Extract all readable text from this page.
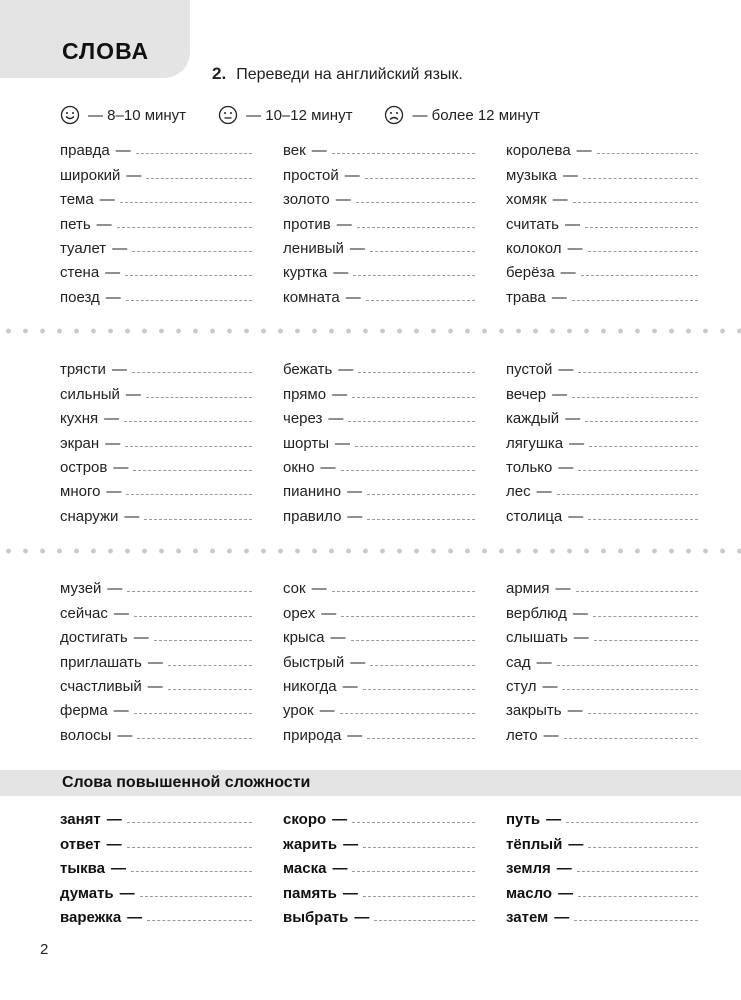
СЛОВА
2. Переведи на английский язык.
— 8–10 минут	— 10–12 минут	— более 12 минут
правда —
широкий —
тема —
петь —
туалет —
стена —
поезд —
век —
простой —
золото —
против —
ленивый —
куртка —
комната —
королева —
музыка —
хомяк —
считать —
колокол —
берёза —
трава —
трясти —
сильный —
кухня —
экран —
остров —
много —
снаружи —
бежать —
прямо —
через —
шорты —
окно —
пианино —
правило —
пустой —
вечер —
каждый —
лягушка —
только —
лес —
столица —
музей —
сейчас —
достигать —
приглашать —
счастливый —
ферма —
волосы —
сок —
орех —
крыса —
быстрый —
никогда —
урок —
природа —
армия —
верблюд —
слышать —
сад —
стул —
закрыть —
лето —
Слова повышенной сложности
занят —
ответ —
тыква —
думать —
варежка —
скоро —
жарить —
маска —
память —
выбрать —
путь —
тёплый —
земля —
масло —
затем —
2
